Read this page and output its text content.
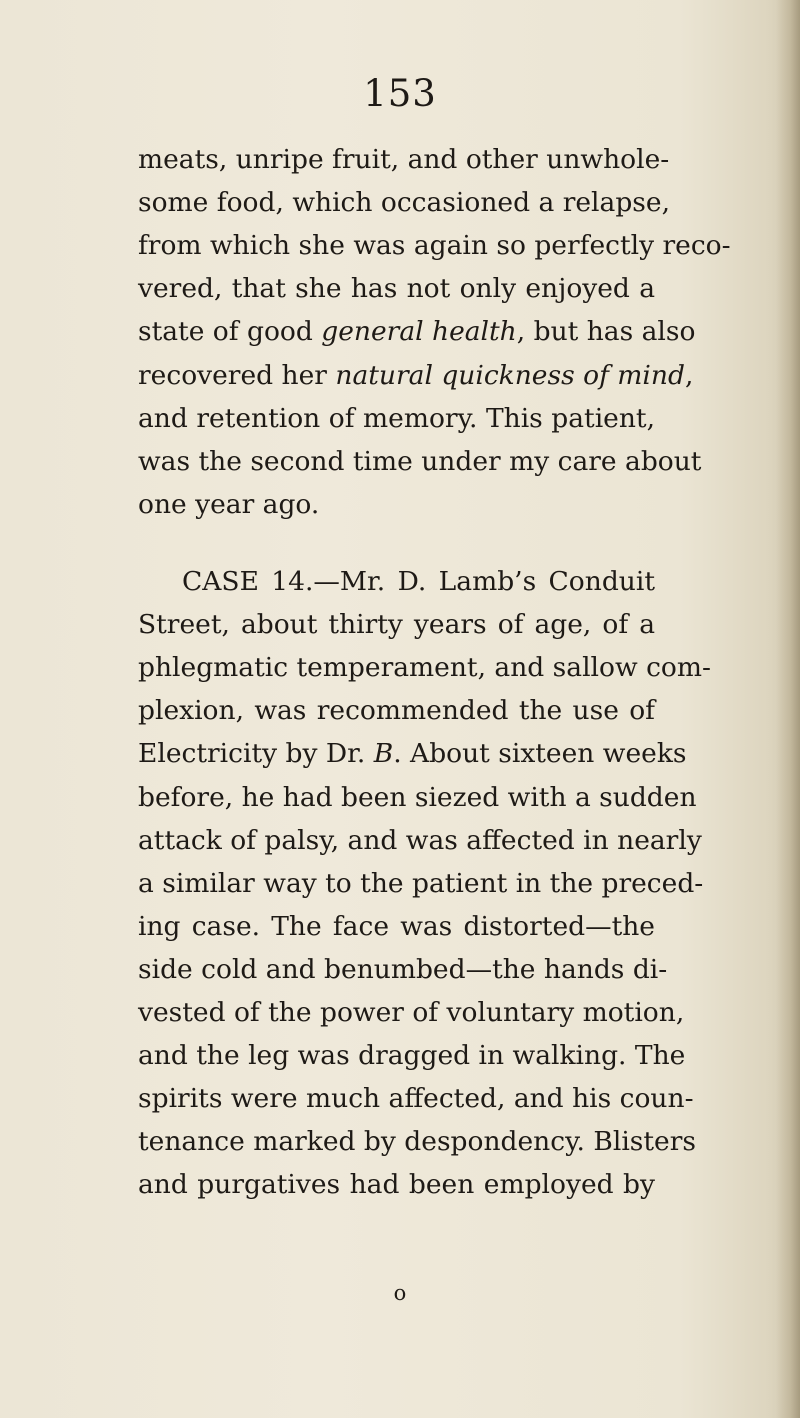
153
meats, unripe fruit, and other unwhole-
some food, which occasioned a relapse,
from which she was again so perfectly reco-
vered, that she has not only enjoyed a
state of good general health, but has also
recovered her natural quickness of mind,
and retention of memory. This patient,
was the second time under my care about
one year ago.
CASE 14.—Mr. D. Lamb’s Conduit
Street, about thirty years of age, of a
phlegmatic temperament, and sallow com-
plexion, was recommended the use of
Electricity by Dr. B. About sixteen weeks
before, he had been siezed with a sudden
attack of palsy, and was affected in nearly
a similar way to the patient in the preced-
ing case. The face was distorted—the
side cold and benumbed—the hands di-
vested of the power of voluntary motion,
and the leg was dragged in walking. The
spirits were much affected, and his coun-
tenance marked by despondency. Blisters
and purgatives had been employed by
o
